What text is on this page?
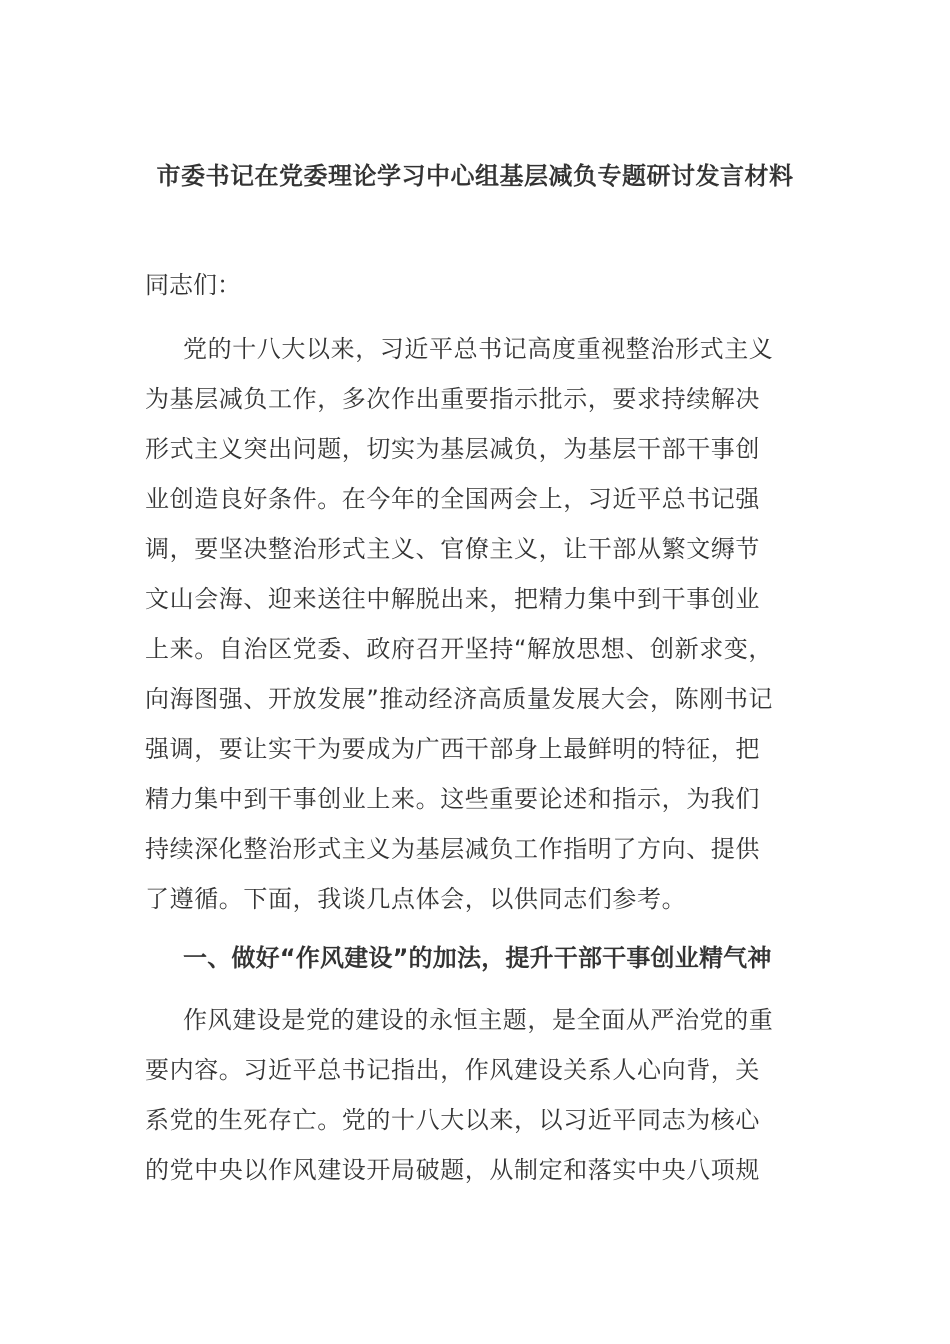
市委书记在党委理论学习中心组基层减负专题研讨发言材料
同志们：
党的十八大以来，习近平总书记高度重视整治形式主义
为基层减负工作，多次作出重要指示批示，要求持续解决
形式主义突出问题，切实为基层减负，为基层干部干事创
业创造良好条件。在今年的全国两会上，习近平总书记强
调，要坚决整治形式主义、官僚主义，让干部从繁文缛节
文山会海、迎来送往中解脱出来，把精力集中到干事创业
上来。自治区党委、政府召开坚持“解放思想、创新求变，
向海图强、开放发展”推动经济高质量发展大会，陈刚书记
强调，要让实干为要成为广西干部身上最鲜明的特征，把
精力集中到干事创业上来。这些重要论述和指示，为我们
持续深化整治形式主义为基层减负工作指明了方向、提供
了遵循。下面，我谈几点体会，以供同志们参考。
一、做好“作风建设”的加法，提升干部干事创业精气神
作风建设是党的建设的永恒主题，是全面从严治党的重
要内容。习近平总书记指出，作风建设关系人心向背，关
系党的生死存亡。党的十八大以来，以习近平同志为核心
的党中央以作风建设开局破题，从制定和落实中央八项规
